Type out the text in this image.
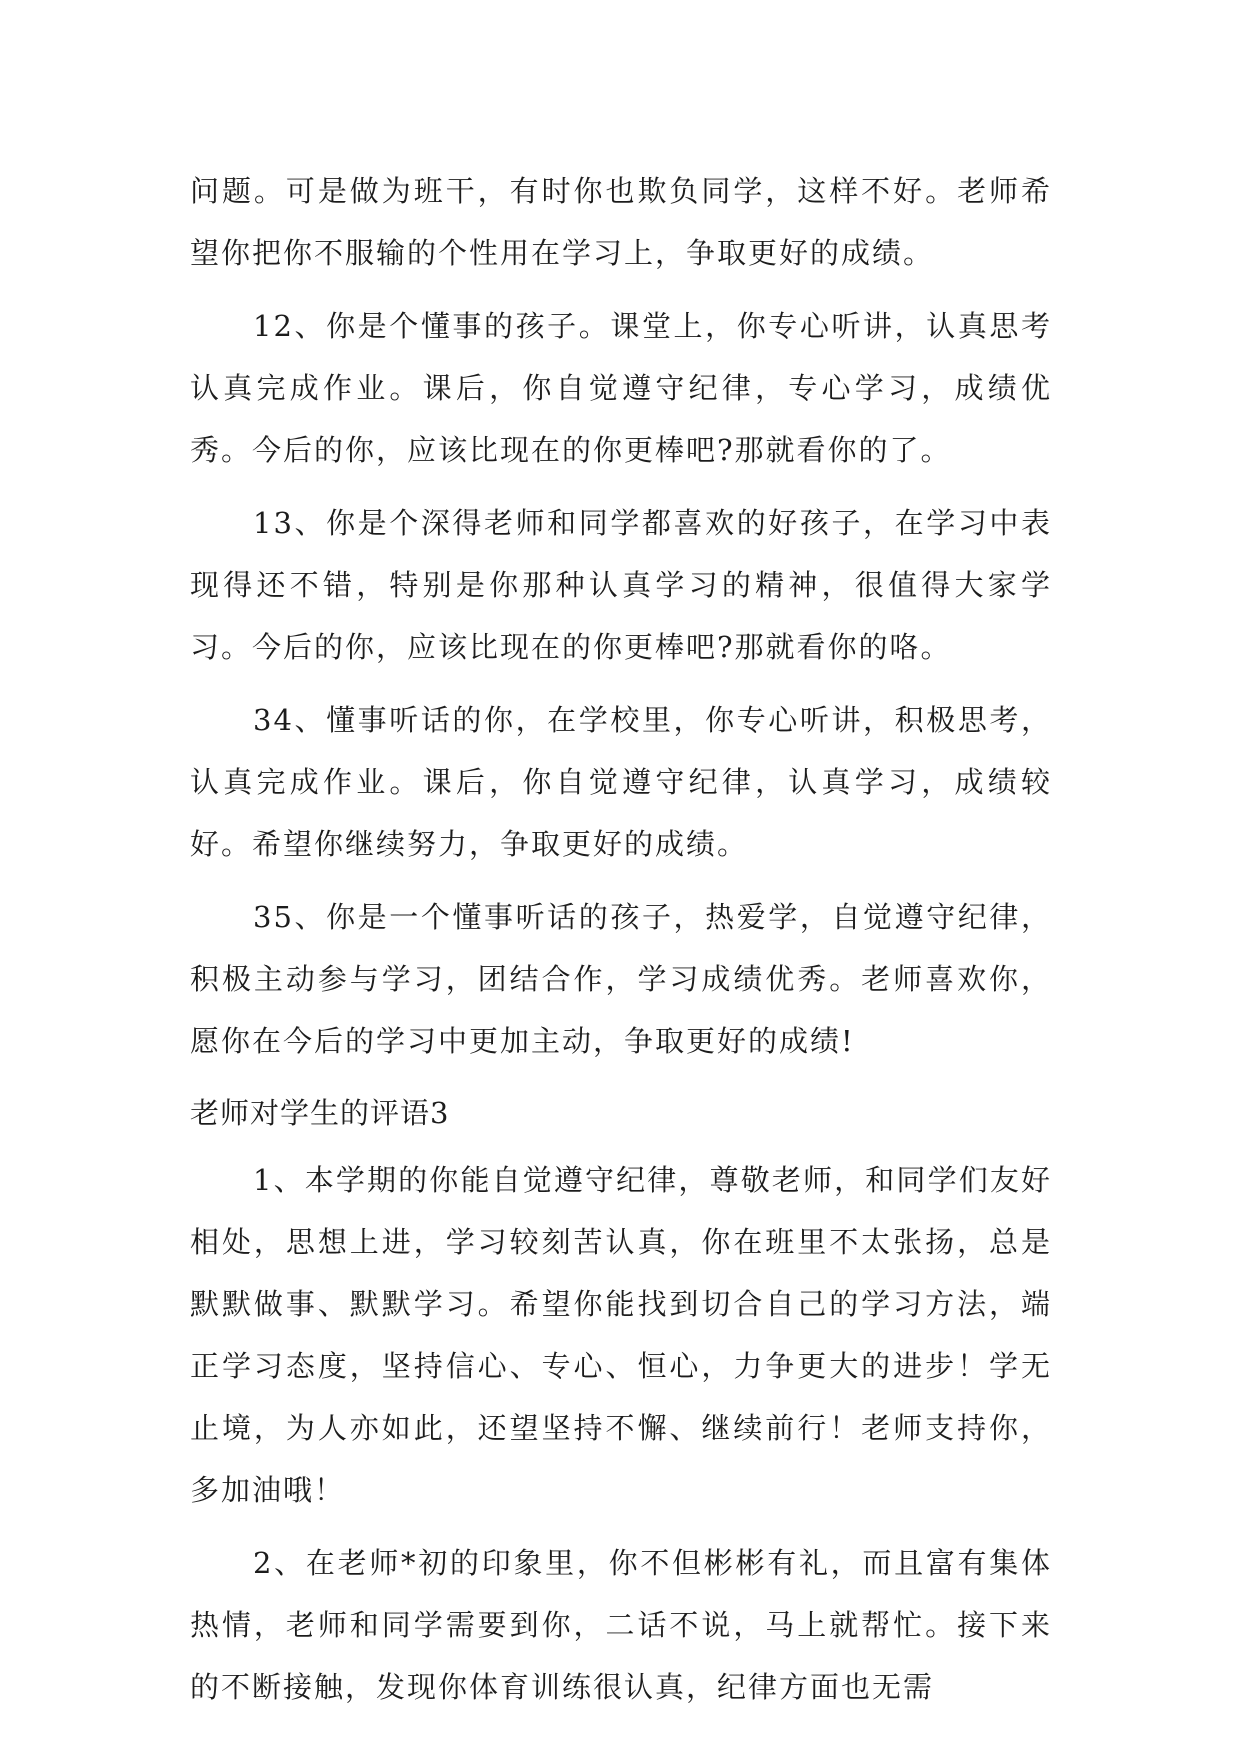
问题。可是做为班干，有时你也欺负同学，这样不好。老师希望你把你不服输的个性用在学习上，争取更好的成绩。

12、你是个懂事的孩子。课堂上，你专心听讲，认真思考认真完成作业。课后，你自觉遵守纪律，专心学习，成绩优秀。今后的你，应该比现在的你更棒吧?那就看你的了。

13、你是个深得老师和同学都喜欢的好孩子，在学习中表现得还不错，特别是你那种认真学习的精神，很值得大家学习。今后的你，应该比现在的你更棒吧?那就看你的咯。

34、懂事听话的你，在学校里，你专心听讲，积极思考，认真完成作业。课后，你自觉遵守纪律，认真学习，成绩较好。希望你继续努力，争取更好的成绩。

35、你是一个懂事听话的孩子，热爱学，自觉遵守纪律，积极主动参与学习，团结合作，学习成绩优秀。老师喜欢你，愿你在今后的学习中更加主动，争取更好的成绩!

老师对学生的评语3

1、本学期的你能自觉遵守纪律，尊敬老师，和同学们友好相处，思想上进，学习较刻苦认真，你在班里不太张扬，总是默默做事、默默学习。希望你能找到切合自己的学习方法，端正学习态度，坚持信心、专心、恒心，力争更大的进步！学无止境，为人亦如此，还望坚持不懈、继续前行！老师支持你，多加油哦！

2、在老师*初的印象里，你不但彬彬有礼，而且富有集体热情，老师和同学需要到你，二话不说，马上就帮忙。接下来的不断接触，发现你体育训练很认真，纪律方面也无需
